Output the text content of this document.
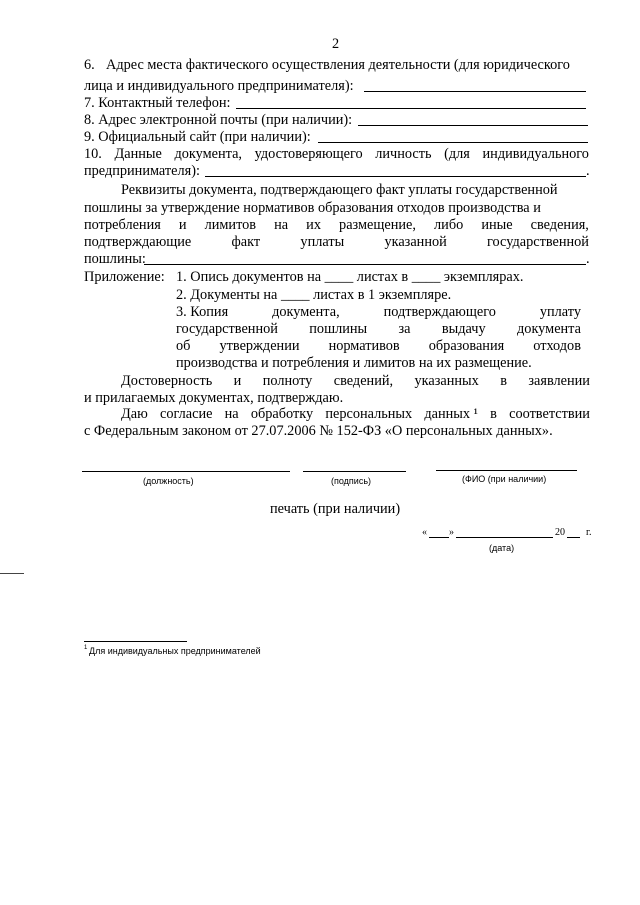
2
6. Адрес места фактического осуществления деятельности (для юридического
лица и индивидуального предпринимателя):
7. Контактный телефон:
8. Адрес электронной почты (при наличии):
9. Официальный сайт (при наличии):
10. Данные документа, удостоверяющего личность (для индивидуального
предпринимателя):	.
Реквизиты документа, подтверждающего факт уплаты государственной
пошлины за утверждение нормативов образования отходов производства и
потребления и лимитов на их размещение, либо иные сведения,
подтверждающие	факт	уплаты	указанной	государственной
пошлины:	.
Приложение: 1. Опись документов на ____ листах в ____ экземплярах.
2. Документы на ____ листах в 1 экземпляре.
3. Копия	документа,	подтверждающего	уплату
государственной пошлины за выдачу документа
об утверждении нормативов образования отходов
производства и потребления и лимитов на их размещение.
Достоверность и полноту сведений, указанных в заявлении
и прилагаемых документах, подтверждаю.
Даю согласие на обработку персональных данных ¹ в соответствии
с Федеральным законом от 27.07.2006 № 152-ФЗ «О персональных данных».
(должность)	(подпись)	(ФИО (при наличии)
печать (при наличии)
« »	20 г.
(дата)
1 Для индивидуальных предпринимателей
